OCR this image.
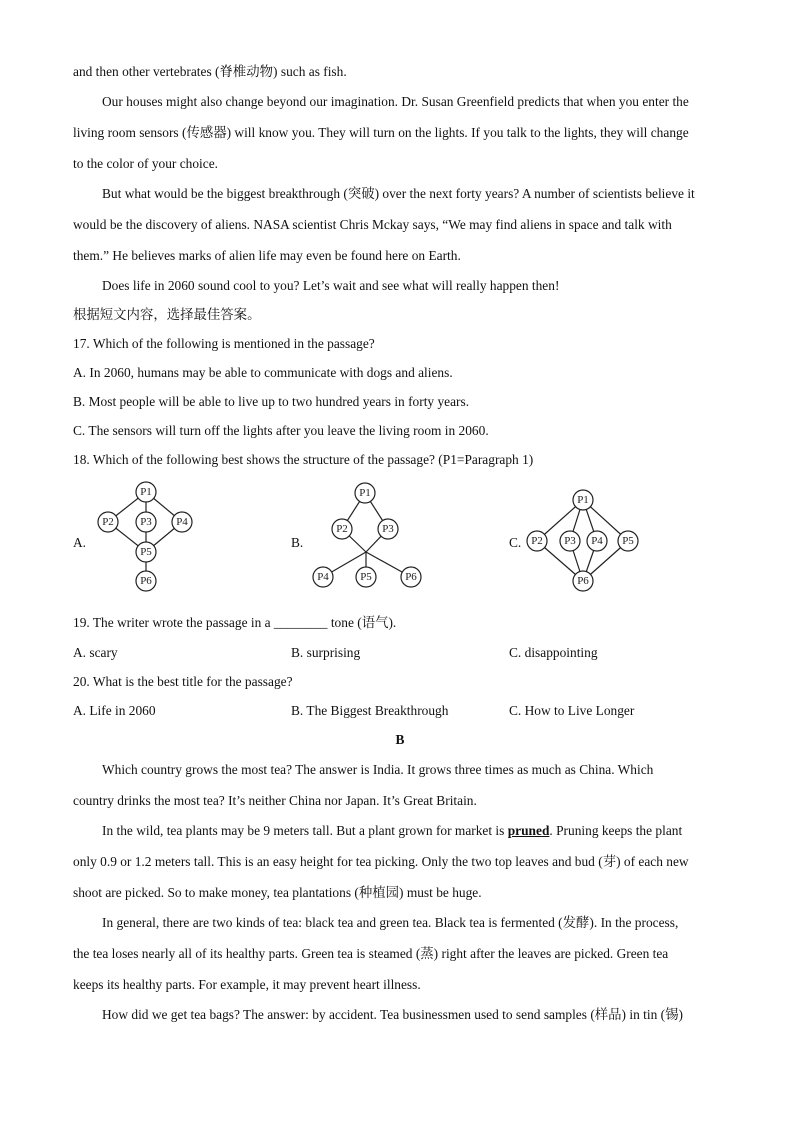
and then other vertebrates (脊椎动物) such as fish.
Our houses might also change beyond our imagination. Dr. Susan Greenfield predicts that when you enter the
living room sensors (传感器) will know you. They will turn on the lights. If you talk to the lights, they will change
to the color of your choice.
But what would be the biggest breakthrough (突破) over the next forty years? A number of scientists believe it
would be the discovery of aliens. NASA scientist Chris Mckay says, “We may find aliens in space and talk with
them.” He believes marks of alien life may even be found here on Earth.
Does life in 2060 sound cool to you? Let’s wait and see what will really happen then!
根据短文内容，选择最佳答案。
17. Which of the following is mentioned in the passage?
A. In 2060, humans may be able to communicate with dogs and aliens.
B. Most people will be able to live up to two hundred years in forty years.
C. The sensors will turn off the lights after you leave the living room in 2060.
18. Which of the following best shows the structure of the passage? (P1=Paragraph 1)
A.	B.	C.
P1
P2 P3 P4
P5
P6
P1
P2	P3
P4	P5	P6
P1
P2 P3 P4 P5
P6
19. The writer wrote the passage in a ________ tone (语气).
A. scary	B. surprising	C. disappointing
20. What is the best title for the passage?
A. Life in 2060	B. The Biggest Breakthrough	C. How to Live Longer
B
Which country grows the most tea? The answer is India. It grows three times as much as China. Which
country drinks the most tea? It’s neither China nor Japan. It’s Great Britain.
In the wild, tea plants may be 9 meters tall. But a plant grown for market is pruned. Pruning keeps the plant
only 0.9 or 1.2 meters tall. This is an easy height for tea picking. Only the two top leaves and bud (芽) of each new
shoot are picked. So to make money, tea plantations (种植园) must be huge.
In general, there are two kinds of tea: black tea and green tea. Black tea is fermented (发酵). In the process,
the tea loses nearly all of its healthy parts. Green tea is steamed (蒸) right after the leaves are picked. Green tea
keeps its healthy parts. For example, it may prevent heart illness.
How did we get tea bags? The answer: by accident. Tea businessmen used to send samples (样品) in tin (锡)
